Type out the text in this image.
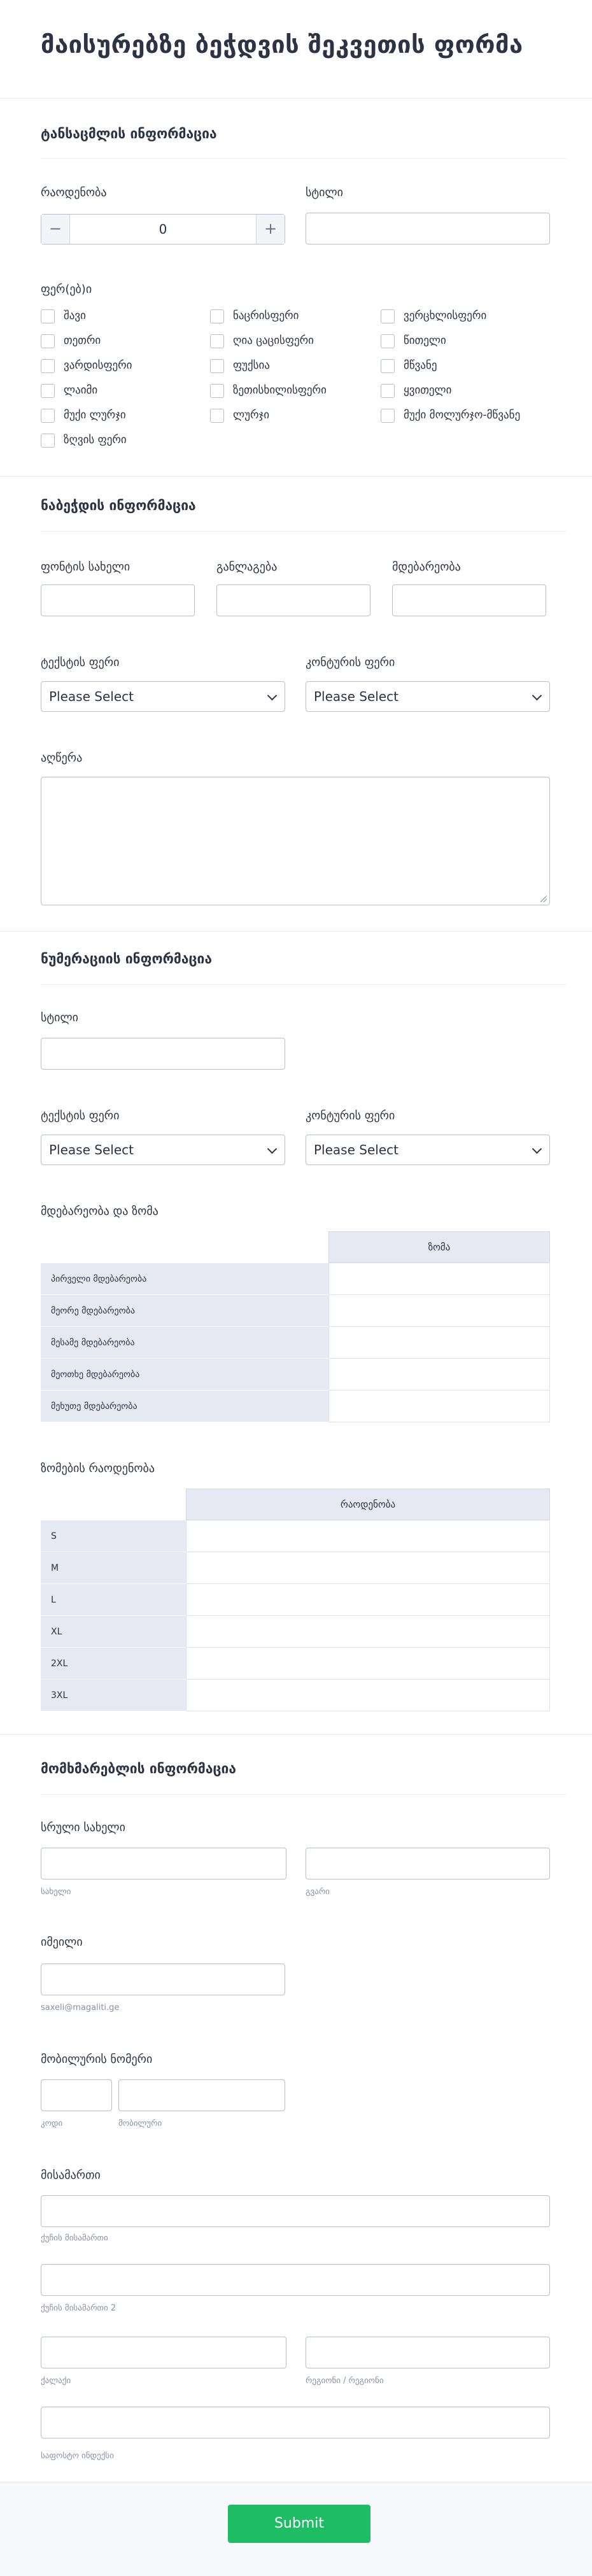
მაისურებზე ბეჭდვის შეკვეთის ფორმა
ტანსაცმლის ინფორმაცია
რაოდენობა
−	0	+
სტილი
ფერ(ებ)ი
შავი	ნაცრისფერი	ვერცხლისფერი
თეთრი	ღია ცაცისფერი	წითელი
ვარდისფერი	ფუქსია	მწვანე
ლაიმი	ზეთისხილისფერი	ყვითელი
მუქი ლურჯი	ლურჯი	მუქი მოლურჯო-მწვანე
ზღვის ფერი
ნაბეჭდის ინფორმაცია
ფონტის სახელი	განლაგება	მდებარეობა
ტექსტის ფერი
Please Select
კონტურის ფერი
Please Select
აღწერა
ნუმერაციის ინფორმაცია
სტილი
ტექსტის ფერი
Please Select
კონტურის ფერი
Please Select
მდებარეობა და ზომა
ზომა
პირველი მდებარეობა
მეორე მდებარეობა
მესამე მდებარეობა
მეოთხე მდებარეობა
მეხუთე მდებარეობა
ზომების რაოდენობა
რაოდენობა
S
M
L
XL
2XL
3XL
მომხმარებლის ინფორმაცია
სრული სახელი
სახელი	გვარი
იმეილი
saxeli@magaliti.ge
მობილურის ნომერი
კოდი	მობილური
მისამართი
ქუჩის მისამართი
ქუჩის მისამართი 2
ქალაქი	რეგიონი / რეგიონი
საფოსტო ინდექსი
Submit
